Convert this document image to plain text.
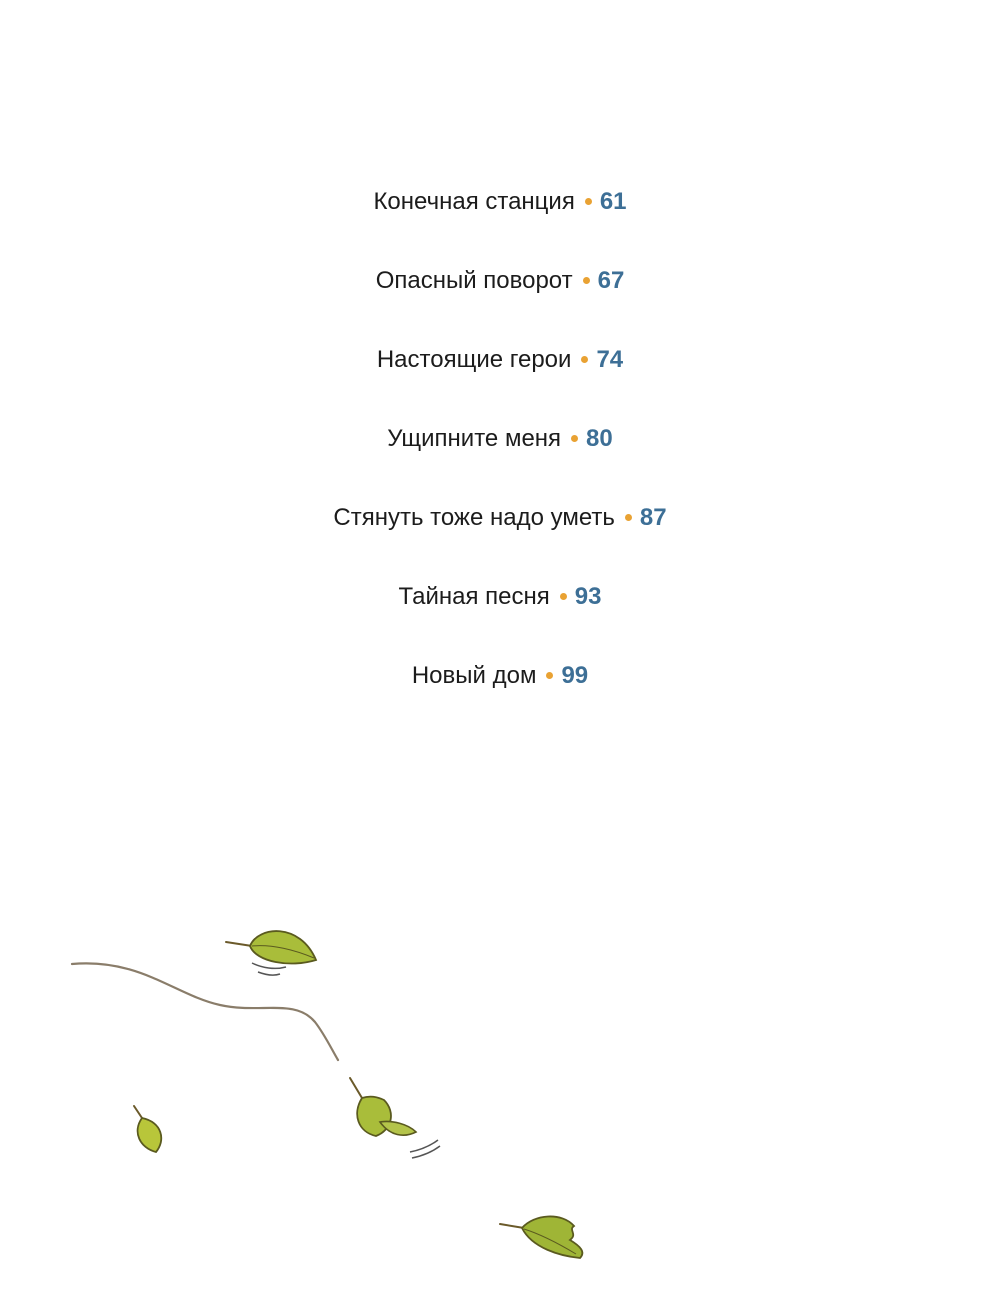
Конечная станция 61
Опасный поворот 67
Настоящие герои 74
Ущипните меня 80
Стянуть тоже надо уметь 87
Тайная песня 93
Новый дом 99
